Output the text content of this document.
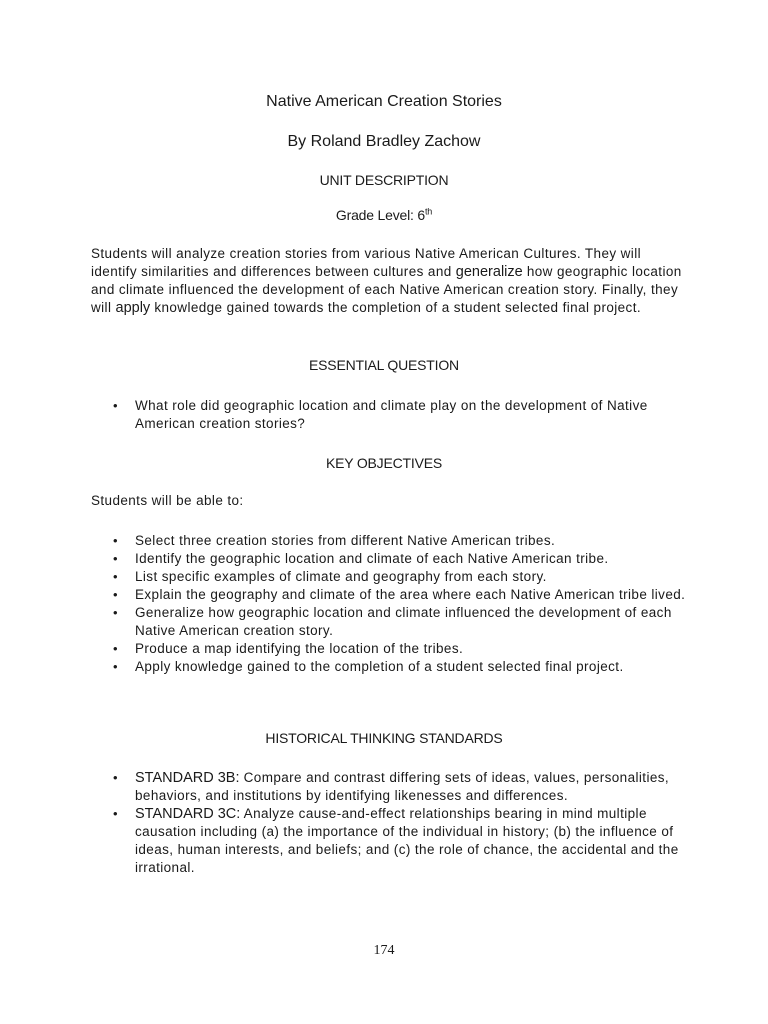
Native American Creation Stories
By Roland Bradley Zachow
UNIT DESCRIPTION
Grade Level: 6th
Students will analyze creation stories from various Native American Cultures. They will identify similarities and differences between cultures and generalize how geographic location and climate influenced the development of each Native American creation story. Finally, they will apply knowledge gained towards the completion of a student selected final project.
ESSENTIAL QUESTION
• What role did geographic location and climate play on the development of Native American creation stories?
KEY OBJECTIVES
Students will be able to:
• Select three creation stories from different Native American tribes.
• Identify the geographic location and climate of each Native American tribe.
• List specific examples of climate and geography from each story.
• Explain the geography and climate of the area where each Native American tribe lived.
• Generalize how geographic location and climate influenced the development of each Native American creation story.
• Produce a map identifying the location of the tribes.
• Apply knowledge gained to the completion of a student selected final project.
HISTORICAL THINKING STANDARDS
• STANDARD 3B: Compare and contrast differing sets of ideas, values, personalities, behaviors, and institutions by identifying likenesses and differences.
• STANDARD 3C: Analyze cause-and-effect relationships bearing in mind multiple causation including (a) the importance of the individual in history; (b) the influence of ideas, human interests, and beliefs; and (c) the role of chance, the accidental and the irrational.
174
